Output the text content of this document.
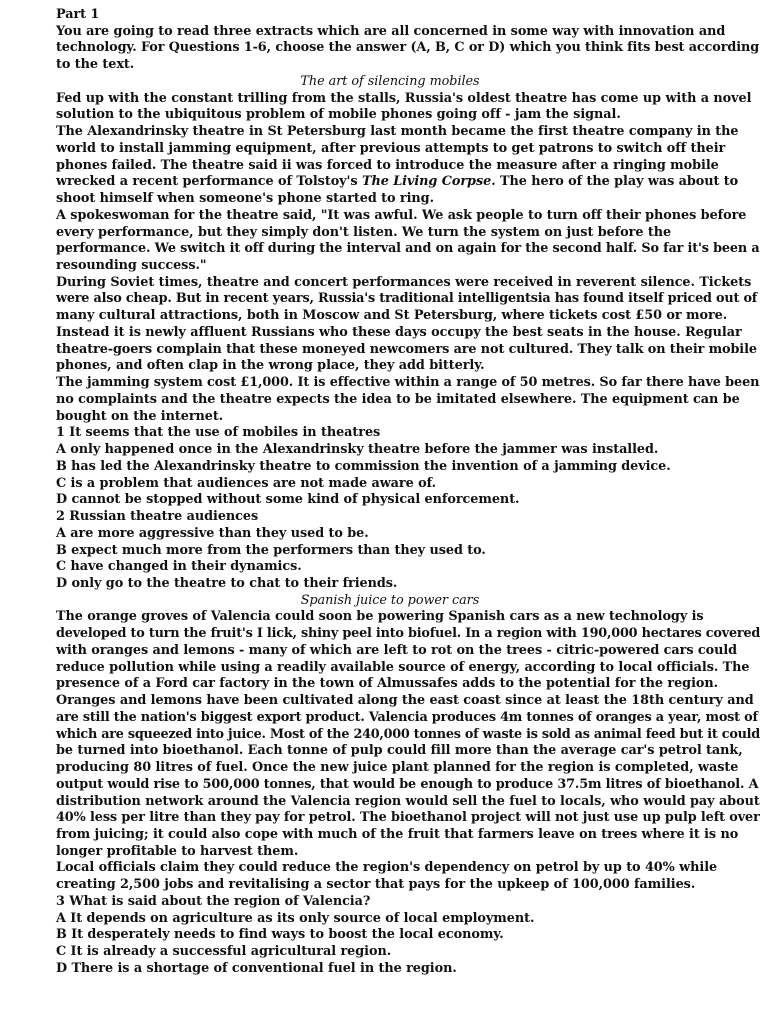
Part 1
You are going to read three extracts which are all concerned in some way with innovation and
technology. For Questions 1-6, choose the answer (A, B, C or D) which you think fits best according
to the text.
The art of silencing mobiles
Fed up with the constant trilling from the stalls, Russia's oldest theatre has come up with a novel
solution to the ubiquitous problem of mobile phones going off - jam the signal.
The Alexandrinsky theatre in St Petersburg last month became the first theatre company in the
world to install jamming equipment, after previous attempts to get patrons to switch off their
phones failed. The theatre said ii was forced to introduce the measure after a ringing mobile
wrecked a recent performance of Tolstoy's The Living Corpse. The hero of the play was about to
shoot himself when someone's phone started to ring.
A spokeswoman for the theatre said, "It was awful. We ask people to turn off their phones before
every performance, but they simply don't listen. We turn the system on just before the
performance. We switch it off during the interval and on again for the second half. So far it's been a
resounding success."
During Soviet times, theatre and concert performances were received in reverent silence. Tickets
were also cheap. But in recent years, Russia's traditional intelligentsia has found itself priced out of
many cultural attractions, both in Moscow and St Petersburg, where tickets cost £50 or more.
Instead it is newly affluent Russians who these days occupy the best seats in the house. Regular
theatre-goers complain that these moneyed newcomers are not cultured. They talk on their mobile
phones, and often clap in the wrong place, they add bitterly.
The jamming system cost £1,000. It is effective within a range of 50 metres. So far there have been
no complaints and the theatre expects the idea to be imitated elsewhere. The equipment can be
bought on the internet.
1 It seems that the use of mobiles in theatres
A only happened once in the Alexandrinsky theatre before the jammer was installed.
B has led the Alexandrinsky theatre to commission the invention of a jamming device.
C is a problem that audiences are not made aware of.
D cannot be stopped without some kind of physical enforcement.
2 Russian theatre audiences
A are more aggressive than they used to be.
B expect much more from the performers than they used to.
C have changed in their dynamics.
D only go to the theatre to chat to their friends.
Spanish juice to power cars
The orange groves of Valencia could soon be powering Spanish cars as a new technology is
developed to turn the fruit's I lick, shiny peel into biofuel. In a region with 190,000 hectares covered
with oranges and lemons - many of which are left to rot on the trees - citric-powered cars could
reduce pollution while using a readily available source of energy, according to local officials. The
presence of a Ford car factory in the town of Almussafes adds to the potential for the region.
Oranges and lemons have been cultivated along the east coast since at least the 18th century and
are still the nation's biggest export product. Valencia produces 4m tonnes of oranges a year, most of
which are squeezed into juice. Most of the 240,000 tonnes of waste is sold as animal feed but it could
be turned into bioethanol. Each tonne of pulp could fill more than the average car's petrol tank,
producing 80 litres of fuel. Once the new juice plant planned for the region is completed, waste
output would rise to 500,000 tonnes, that would be enough to produce 37.5m litres of bioethanol. A
distribution network around the Valencia region would sell the fuel to locals, who would pay about
40% less per litre than they pay for petrol. The bioethanol project will not just use up pulp left over
from juicing; it could also cope with much of the fruit that farmers leave on trees where it is no
longer profitable to harvest them.
Local officials claim they could reduce the region's dependency on petrol by up to 40% while
creating 2,500 jobs and revitalising a sector that pays for the upkeep of 100,000 families.
3 What is said about the region of Valencia?
A It depends on agriculture as its only source of local employment.
B It desperately needs to find ways to boost the local economy.
C It is already a successful agricultural region.
D There is a shortage of conventional fuel in the region.
